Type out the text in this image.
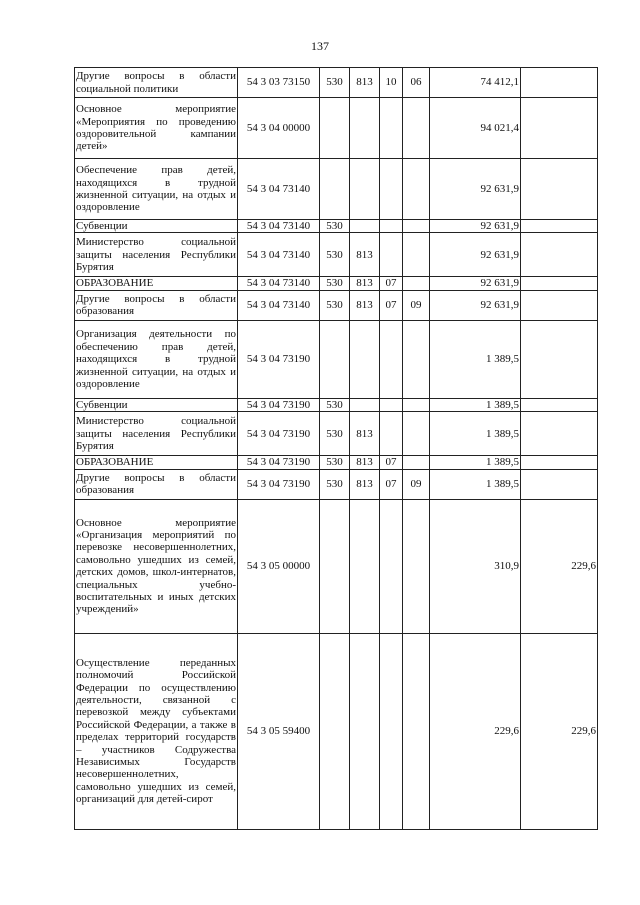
137
Другие вопросы в области социальной политики	54 3 03 73150	530	813	10	06	74 412,1	
Основное мероприятие «Мероприятия по проведению оздоровительной кампании детей»	54 3 04 00000					94 021,4	
Обеспечение прав детей, находящихся в трудной жизненной ситуации, на отдых и оздоровление	54 3 04 73140					92 631,9	
Субвенции	54 3 04 73140	530				92 631,9	
Министерство социальной защиты населения Республики Бурятия	54 3 04 73140	530	813			92 631,9	
ОБРАЗОВАНИЕ	54 3 04 73140	530	813	07		92 631,9	
Другие вопросы в области образования	54 3 04 73140	530	813	07	09	92 631,9	
Организация деятельности по обеспечению прав детей, находящихся в трудной жизненной ситуации, на отдых и оздоровление	54 3 04 73190					1 389,5	
Субвенции	54 3 04 73190	530				1 389,5	
Министерство социальной защиты населения Республики Бурятия	54 3 04 73190	530	813			1 389,5	
ОБРАЗОВАНИЕ	54 3 04 73190	530	813	07		1 389,5	
Другие вопросы в области образования	54 3 04 73190	530	813	07	09	1 389,5	
Основное мероприятие «Организация мероприятий по перевозке несовершеннолетних, самовольно ушедших из семей, детских домов, школ-интернатов, специальных учебно-воспитательных и иных детских учреждений»	54 3 05 00000					310,9	229,6
Осуществление переданных полномочий Российской Федерации по осуществлению деятельности, связанной с перевозкой между субъектами Российской Федерации, а также в пределах территорий государств – участников Содружества Независимых Государств несовершеннолетних, самовольно ушедших из семей, организаций для детей-сирот	54 3 05 59400					229,6	229,6
